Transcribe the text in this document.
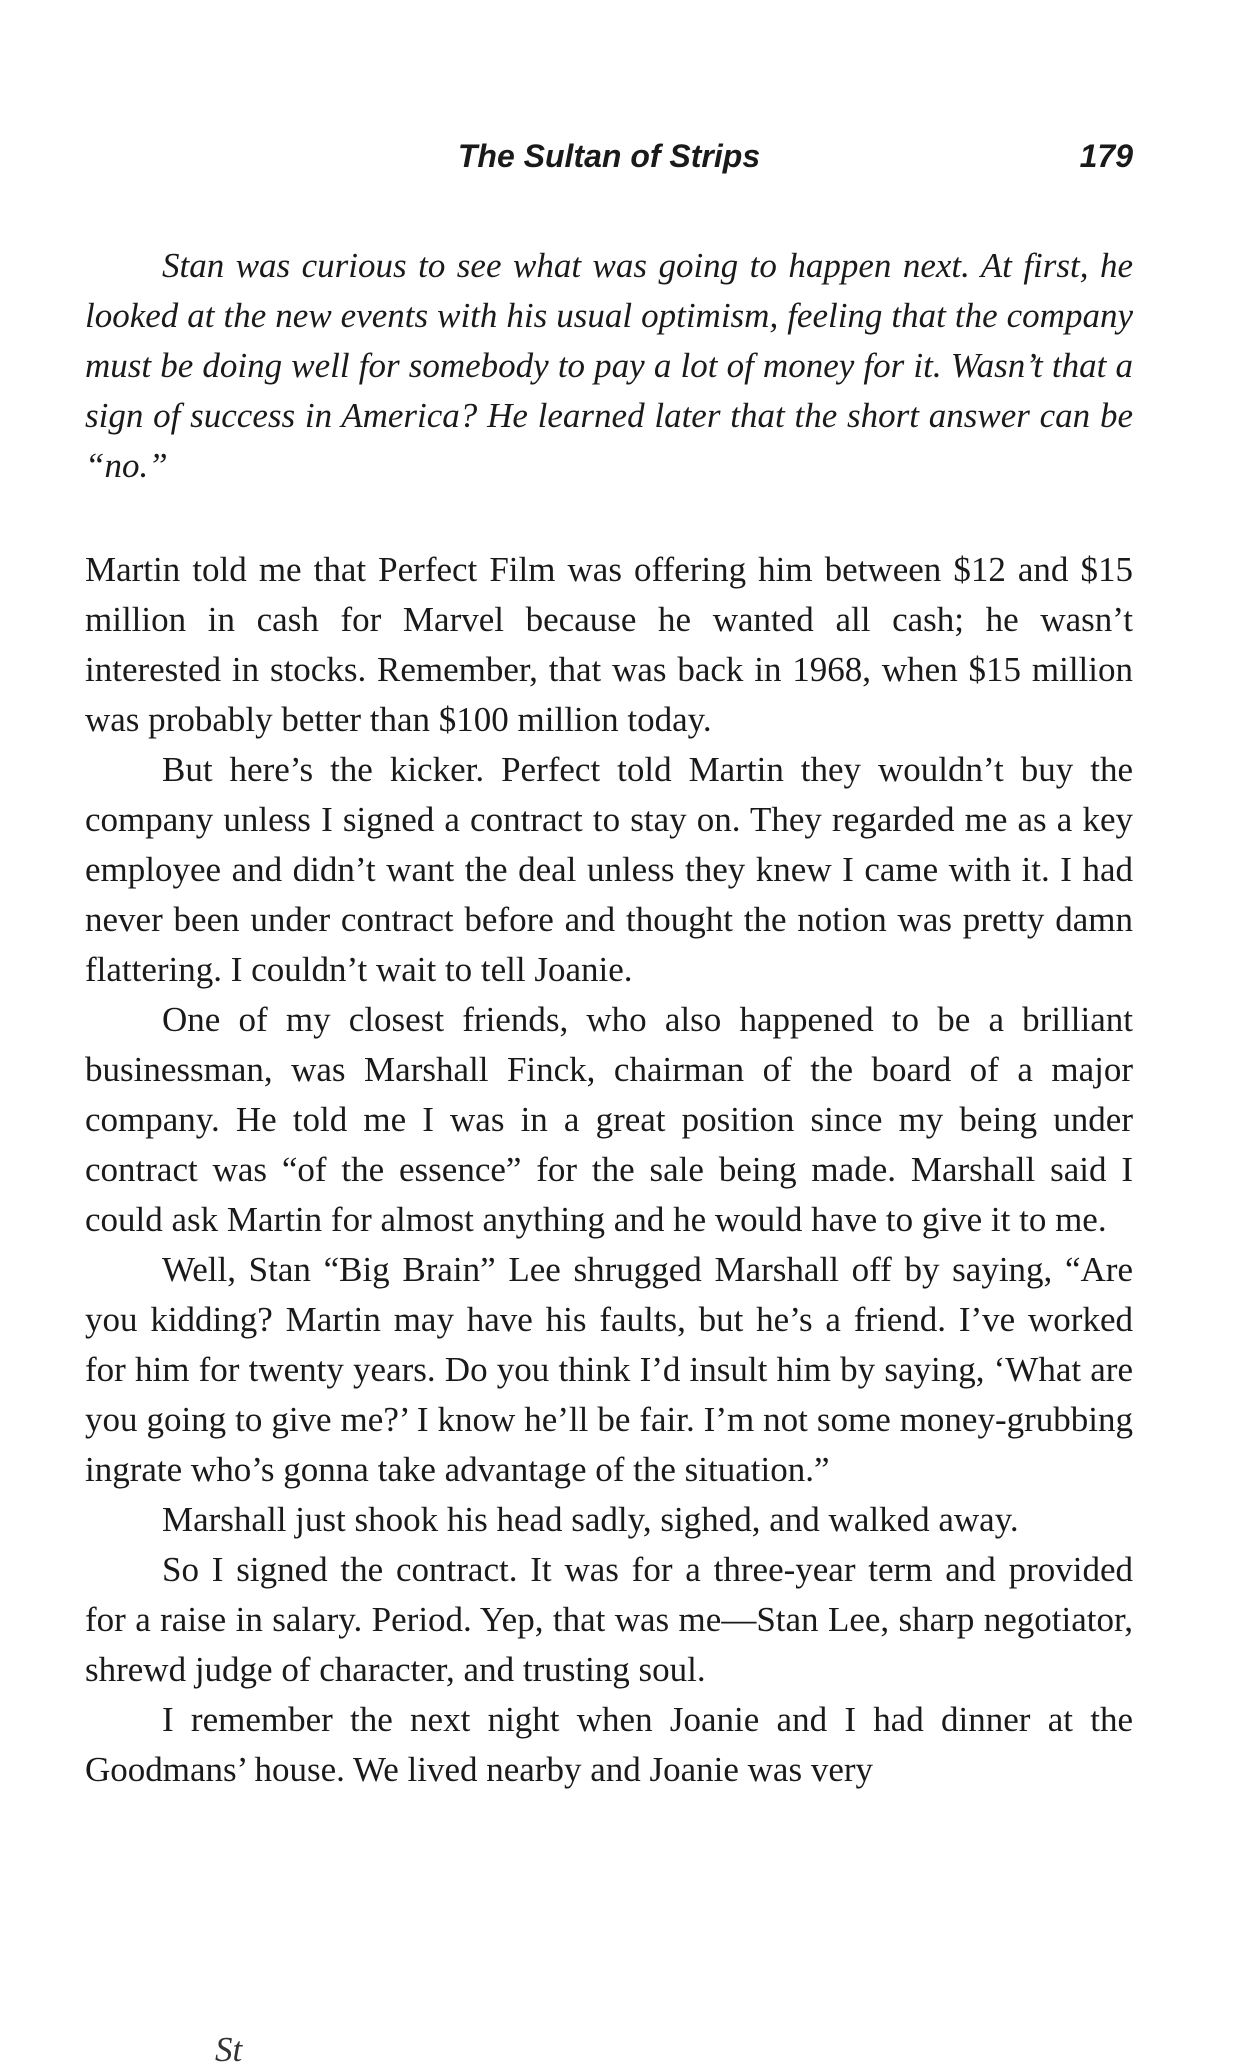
The Sultan of Strips	179

Stan was curious to see what was going to happen next. At first, he looked at the new events with his usual optimism, feeling that the company must be doing well for somebody to pay a lot of money for it. Wasn’t that a sign of success in America? He learned later that the short answer can be “no.”

Martin told me that Perfect Film was offering him between $12 and $15 million in cash for Marvel because he wanted all cash; he wasn’t interested in stocks. Remember, that was back in 1968, when $15 million was probably better than $100 million today.

But here’s the kicker. Perfect told Martin they wouldn’t buy the company unless I signed a contract to stay on. They regarded me as a key employee and didn’t want the deal unless they knew I came with it. I had never been under contract before and thought the notion was pretty damn flattering. I couldn’t wait to tell Joanie.

One of my closest friends, who also happened to be a brilliant businessman, was Marshall Finck, chairman of the board of a major company. He told me I was in a great position since my being under contract was “of the essence” for the sale being made. Marshall said I could ask Martin for almost anything and he would have to give it to me.

Well, Stan “Big Brain” Lee shrugged Marshall off by saying, “Are you kidding? Martin may have his faults, but he’s a friend. I’ve worked for him for twenty years. Do you think I’d insult him by saying, ‘What are you going to give me?’ I know he’ll be fair. I’m not some money-grubbing ingrate who’s gonna take advantage of the situation.”

Marshall just shook his head sadly, sighed, and walked away.

So I signed the contract. It was for a three-year term and provided for a raise in salary. Period. Yep, that was me—Stan Lee, sharp negotiator, shrewd judge of character, and trusting soul.

I remember the next night when Joanie and I had dinner at the Goodmans’ house. We lived nearby and Joanie was very

St
